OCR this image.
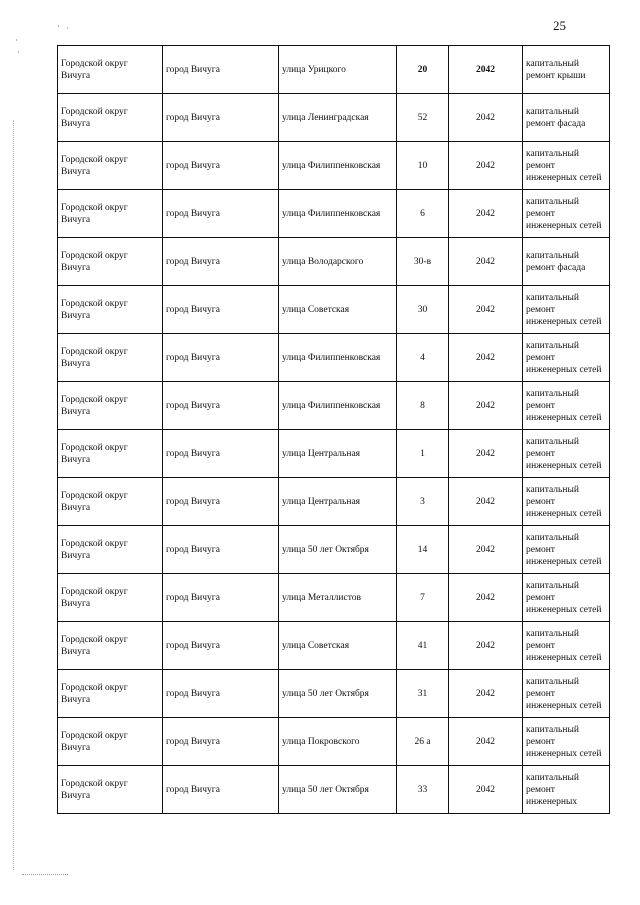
25
· ·
·
·
Городской округ Вичуга	город Вичуга	улица Урицкого	20	2042	капитальный ремонт крыши
Городской округ Вичуга	город Вичуга	улица Ленинградская	52	2042	капитальный ремонт фасада
Городской округ Вичуга	город Вичуга	улица Филиппенковская	10	2042	капитальный ремонт инженерных сетей
Городской округ Вичуга	город Вичуга	улица Филиппенковская	6	2042	капитальный ремонт инженерных сетей
Городской округ Вичуга	город Вичуга	улица Володарского	30-в	2042	капитальный ремонт фасада
Городской округ Вичуга	город Вичуга	улица Советская	30	2042	капитальный ремонт инженерных сетей
Городской округ Вичуга	город Вичуга	улица Филиппенковская	4	2042	капитальный ремонт инженерных сетей
Городской округ Вичуга	город Вичуга	улица Филиппенковская	8	2042	капитальный ремонт инженерных сетей
Городской округ Вичуга	город Вичуга	улица Центральная	1	2042	капитальный ремонт инженерных сетей
Городской округ Вичуга	город Вичуга	улица Центральная	3	2042	капитальный ремонт инженерных сетей
Городской округ Вичуга	город Вичуга	улица 50 лет Октября	14	2042	капитальный ремонт инженерных сетей
Городской округ Вичуга	город Вичуга	улица Металлистов	7	2042	капитальный ремонт инженерных сетей
Городской округ Вичуга	город Вичуга	улица Советская	41	2042	капитальный ремонт инженерных сетей
Городской округ Вичуга	город Вичуга	улица 50 лет Октября	31	2042	капитальный ремонт инженерных сетей
Городской округ Вичуга	город Вичуга	улица Покровского	26 а	2042	капитальный ремонт инженерных сетей
Городской округ Вичуга	город Вичуга	улица 50 лет Октября	33	2042	капитальный ремонт инженерных
